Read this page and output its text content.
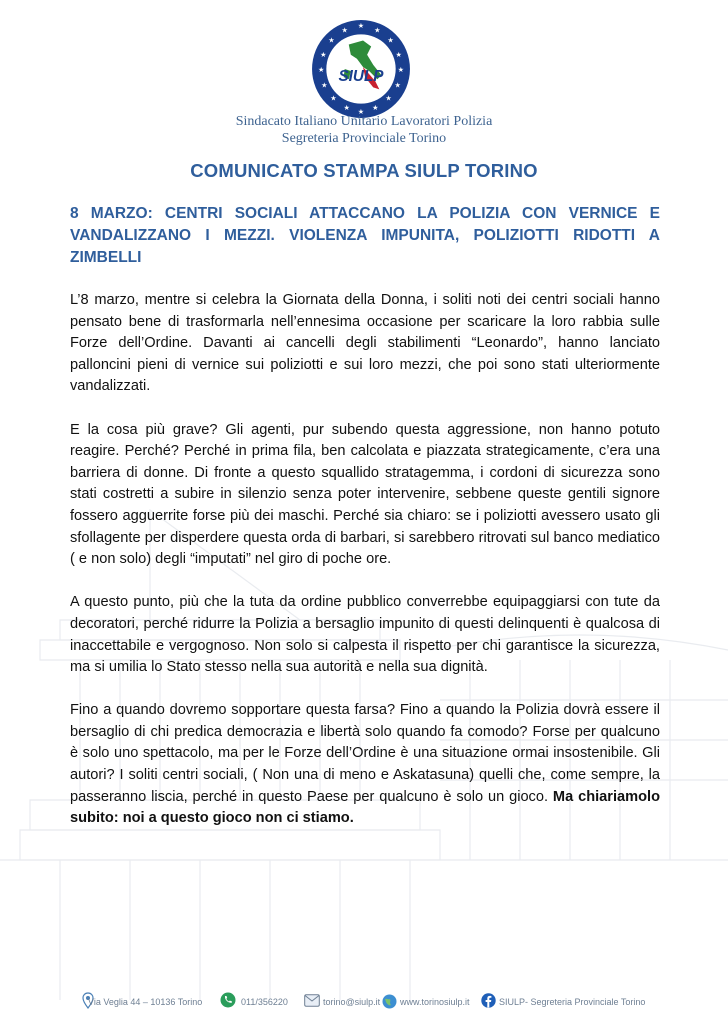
★ ★
★
★
★
★
★
★
★
★
★
★
★
★
★
★
SIULP
Sindacato Italiano Unitario Lavoratori Polizia
Segreteria Provinciale Torino
COMUNICATO STAMPA SIULP TORINO
8 MARZO: CENTRI SOCIALI ATTACCANO LA POLIZIA CON VERNICE E VANDALIZZANO I MEZZI. VIOLENZA IMPUNITA, POLIZIOTTI RIDOTTI A ZIMBELLI

L’8 marzo, mentre si celebra la Giornata della Donna, i soliti noti dei centri sociali hanno pensato bene di trasformarla nell’ennesima occasione per scaricare la loro rabbia sulle Forze dell’Ordine. Davanti ai cancelli degli stabilimenti “Leonardo”, hanno lanciato palloncini pieni di vernice sui poliziotti e sui loro mezzi, che poi sono stati ulteriormente vandalizzati.

E la cosa più grave? Gli agenti, pur subendo questa aggressione, non hanno potuto reagire. Perché? Perché in prima fila, ben calcolata e piazzata strategicamente, c’era una barriera di donne. Di fronte a questo squallido stratagemma, i cordoni di sicurezza sono stati costretti a subire in silenzio senza poter intervenire, sebbene queste gentili signore fossero agguerrite forse più dei maschi. Perché sia chiaro: se i poliziotti avessero usato gli sfollagente per disperdere questa orda di barbari, si sarebbero ritrovati sul banco mediatico ( e non solo) degli “imputati” nel giro di poche ore.

A questo punto, più che la tuta da ordine pubblico converrebbe equipaggiarsi con tute da decoratori, perché ridurre la Polizia a bersaglio impunito di questi delinquenti è qualcosa di inaccettabile e vergognoso. Non solo si calpesta il rispetto per chi garantisce la sicurezza, ma si umilia lo Stato stesso nella sua autorità e nella sua dignità.

Fino a quando dovremo sopportare questa farsa? Fino a quando la Polizia dovrà essere il bersaglio di chi predica democrazia e libertà solo quando fa comodo? Forse per qualcuno è solo uno spettacolo, ma per le Forze dell’Ordine è una situazione ormai insostenibile. Gli autori? I soliti centri sociali, ( Non una di meno e Askatasuna) quelli che, come sempre, la passeranno liscia, perché in questo Paese per qualcuno è solo un gioco. Ma chiariamolo subito: noi a questo gioco non ci stiamo.

Via Veglia 44 – 10136 Torino	011/356220	torino@siulp.it www.torinosiulp.it	SIULP- Segreteria Provinciale Torino
